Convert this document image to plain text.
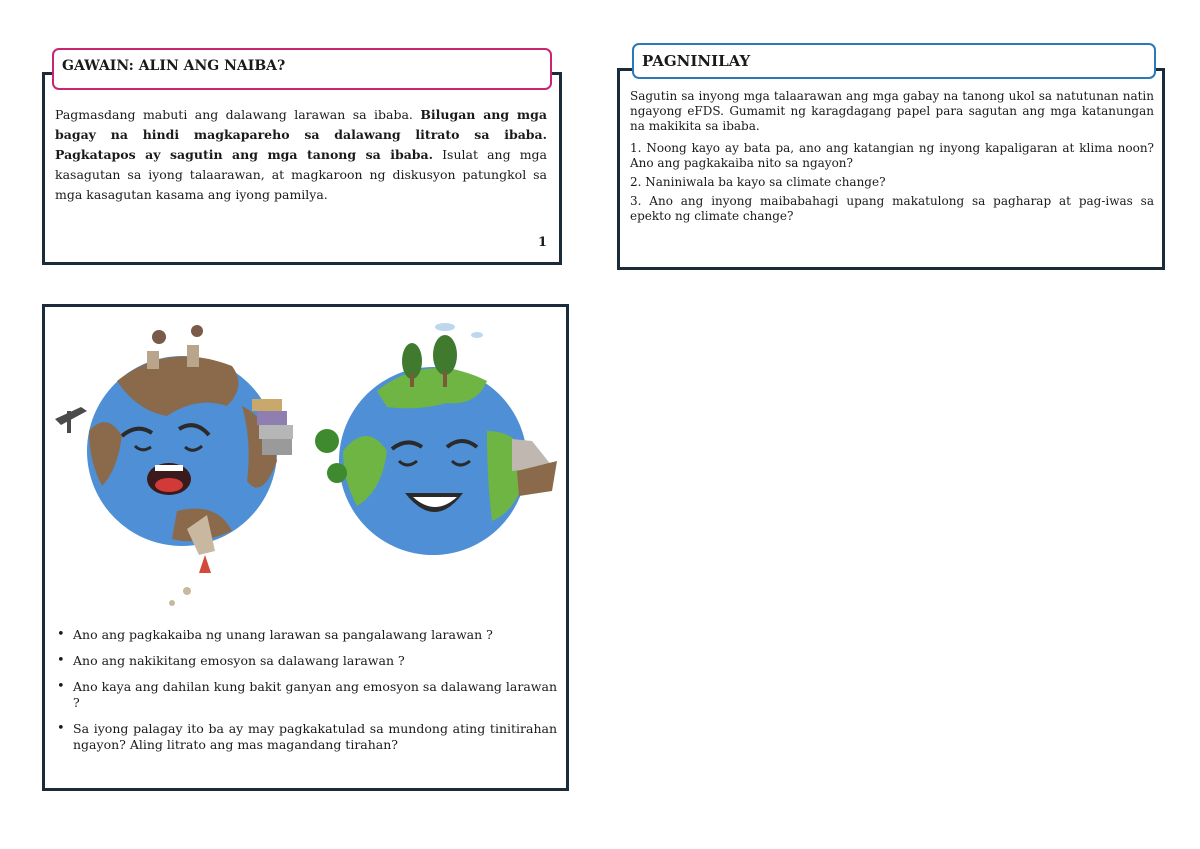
Pagmasdang mabuti ang dalawang larawan sa ibaba. Bilugan ang mga bagay na hindi magkapareho sa dalawang litrato sa ibaba. Pagkatapos ay sagutin ang mga tanong sa ibaba. Isulat ang mga kasagutan sa iyong talaarawan, at magkaroon ng diskusyon patungkol sa mga kasagutan kasama ang iyong pamilya.
1
GAWAIN: ALIN ANG NAIBA?

Sagutin sa inyong mga talaarawan ang mga gabay na tanong ukol sa natutunan natin ngayong eFDS. Gumamit ng karagdagang papel para sagutan ang mga katanungan na makikita sa ibaba.

1. Noong kayo ay bata pa, ano ang katangian ng inyong kapaligaran at klima noon? Ano ang pagkakaiba nito sa ngayon?

2. Naniniwala ba kayo sa climate change?

3. Ano ang inyong maibabahagi upang makatulong sa pagharap at pag-iwas sa epekto ng climate change?

PAGNINILAY
• Ano ang pagkakaiba ng unang larawan sa pangalawang larawan ?
• Ano ang nakikitang emosyon sa dalawang larawan ?
• Ano kaya ang dahilan kung bakit ganyan ang emosyon sa dalawang larawan ?
• Sa iyong palagay ito ba ay may pagkakatulad sa mundong ating tinitirahan ngayon? Aling litrato ang mas magandang tirahan?
